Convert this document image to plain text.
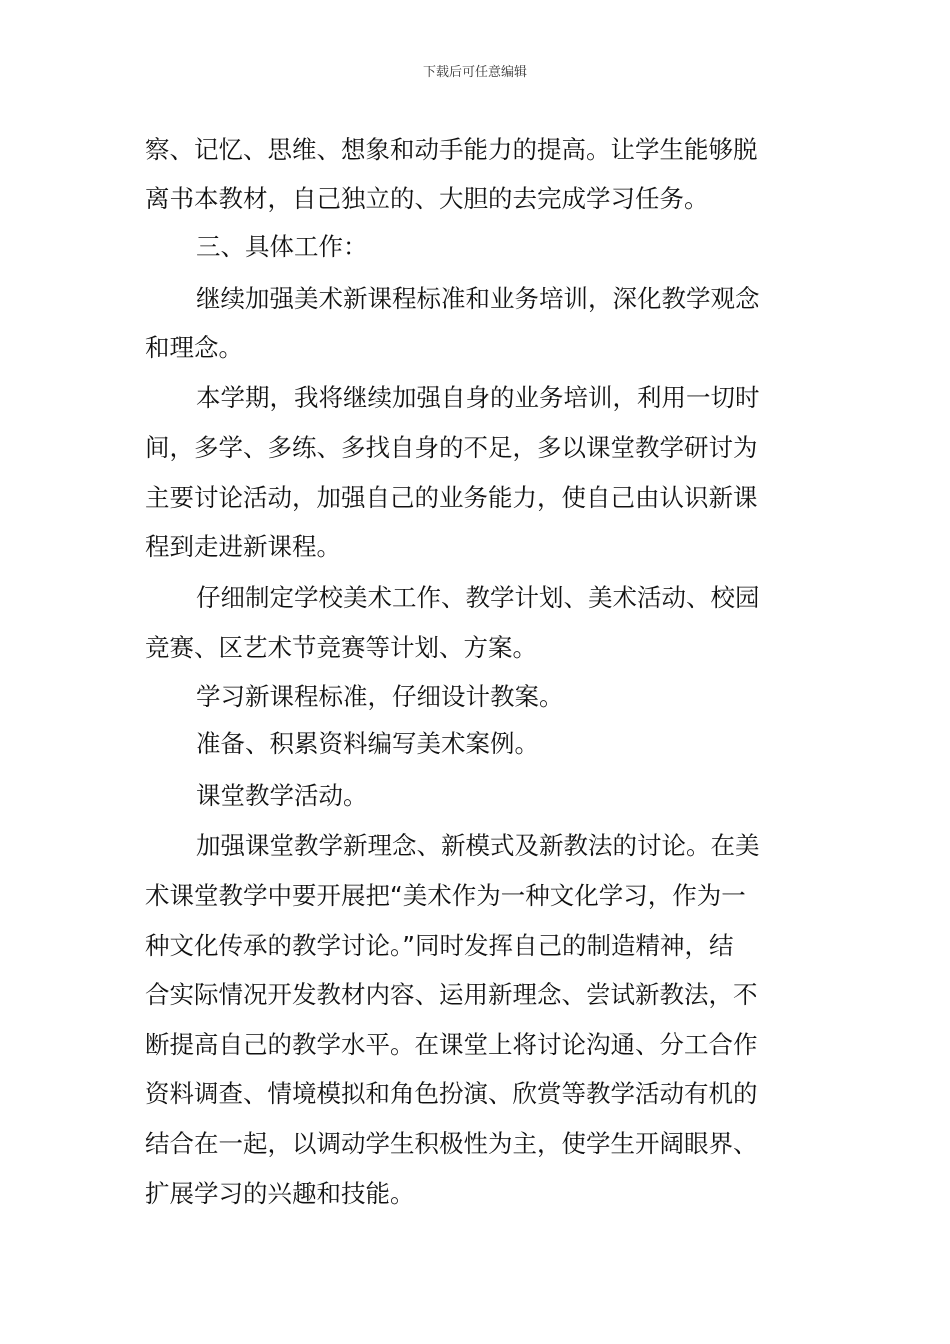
下载后可任意编辑

察、记忆、思维、想象和动手能力的提高。让学生能够脱

离书本教材，自己独立的、大胆的去完成学习任务。

三、具体工作：

继续加强美术新课程标准和业务培训，深化教学观念

和理念。

本学期，我将继续加强自身的业务培训，利用一切时

间，多学、多练、多找自身的不足，多以课堂教学研讨为

主要讨论活动，加强自己的业务能力，使自己由认识新课

程到走进新课程。

仔细制定学校美术工作、教学计划、美术活动、校园

竞赛、区艺术节竞赛等计划、方案。

学习新课程标准，仔细设计教案。

准备、积累资料编写美术案例。

课堂教学活动。

加强课堂教学新理念、新模式及新教法的讨论。在美

术课堂教学中要开展把“美术作为一种文化学习，作为一

种文化传承的教学讨论。”同时发挥自己的制造精神，结

合实际情况开发教材内容、运用新理念、尝试新教法，不

断提高自己的教学水平。在课堂上将讨论沟通、分工合作

资料调查、情境模拟和角色扮演、欣赏等教学活动有机的

结合在一起，以调动学生积极性为主，使学生开阔眼界、

扩展学习的兴趣和技能。
